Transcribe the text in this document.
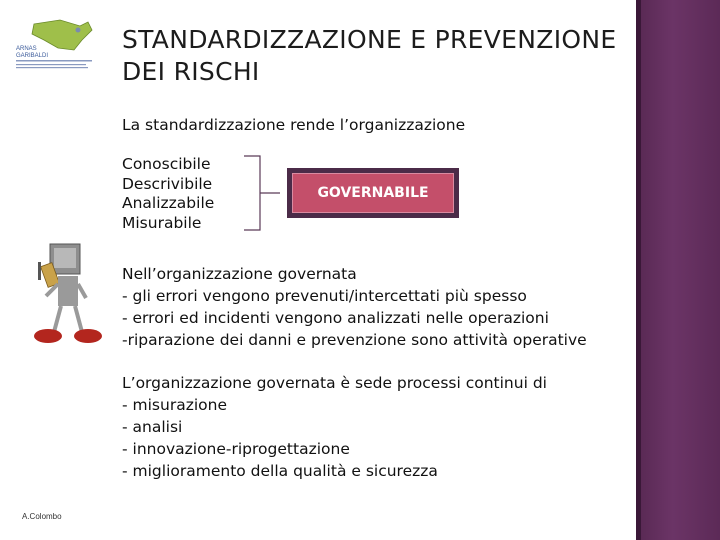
ARNAS
GARIBALDI
STANDARDIZZAZIONE E PREVENZIONE DEI RISCHI
La standardizzazione rende l’organizzazione
Conoscibile
Descrivibile
Analizzabile
Misurabile
GOVERNABILE
Nell’organizzazione governata
- gli errori vengono prevenuti/intercettati più spesso
- errori ed incidenti vengono analizzati nelle operazioni
-riparazione dei danni e prevenzione sono attività operative
L’organizzazione governata è sede processi continui di
- misurazione
- analisi
- innovazione-riprogettazione
- miglioramento della qualità e sicurezza
A.Colombo
